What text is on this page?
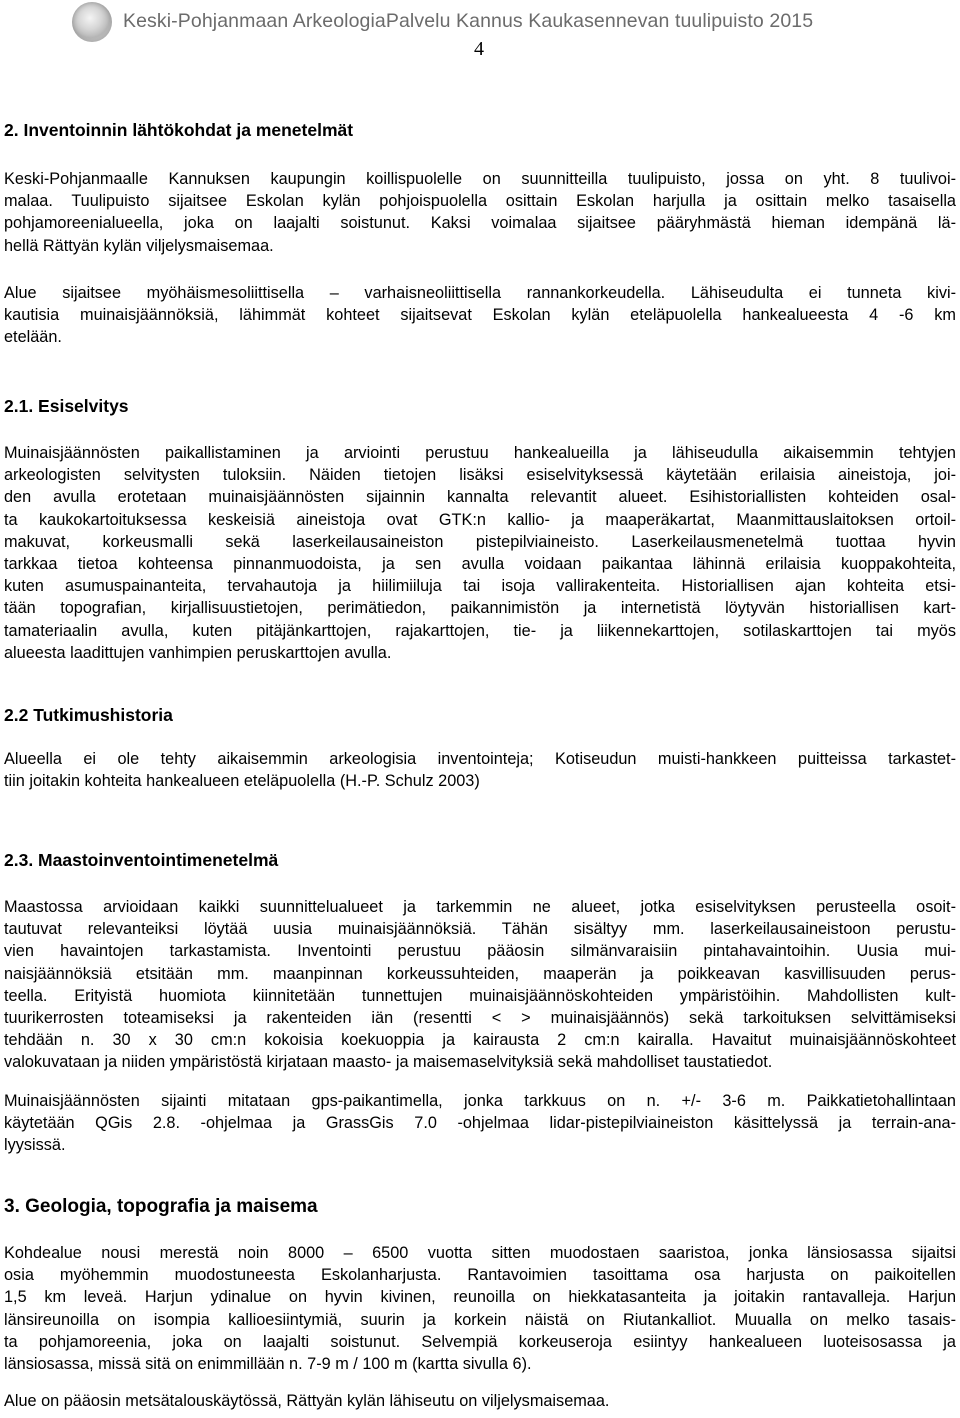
Keski-Pohjanmaan ArkeologiaPalvelu Kannus Kaukasennevan tuulipuisto 2015
4
2. Inventoinnin lähtökohdat ja menetelmät
Keski-Pohjanmaalle Kannuksen kaupungin koillispuolelle on suunnitteilla tuulipuisto, jossa on yht. 8 tuulivoi-
malaa. Tuulipuisto sijaitsee Eskolan kylän pohjoispuolella osittain Eskolan harjulla ja osittain melko tasaisella
pohjamoreenialueella, joka on laajalti soistunut. Kaksi voimalaa sijaitsee pääryhmästä hieman idempänä lä-
hellä Rättyän kylän viljelysmaisemaa.
Alue sijaitsee myöhäismesoliittisella – varhaisneoliittisella rannankorkeudella. Lähiseudulta ei tunneta kivi-
kautisia muinaisjäännöksiä, lähimmät kohteet sijaitsevat Eskolan kylän eteläpuolella hankealueesta 4 -6 km
etelään.
2.1. Esiselvitys
Muinaisjäännösten paikallistaminen ja arviointi perustuu hankealueilla ja lähiseudulla aikaisemmin tehtyjen
arkeologisten selvitysten tuloksiin. Näiden tietojen lisäksi esiselvityksessä käytetään erilaisia aineistoja, joi-
den avulla erotetaan muinaisjäännösten sijainnin kannalta relevantit alueet. Esihistoriallisten kohteiden osal-
ta kaukokartoituksessa keskeisiä aineistoja ovat GTK:n kallio- ja maaperäkartat, Maanmittauslaitoksen ortoil-
makuvat, korkeusmalli sekä laserkeilausaineiston pistepilviaineisto. Laserkeilausmenetelmä tuottaa hyvin
tarkkaa tietoa kohteensa pinnanmuodoista, ja sen avulla voidaan paikantaa lähinnä erilaisia kuoppakohteita,
kuten asumuspainanteita, tervahautoja ja hiilimiiluja tai isoja vallirakenteita. Historiallisen ajan kohteita etsi-
tään topografian, kirjallisuustietojen, perimätiedon, paikannimistön ja internetistä löytyvän historiallisen kart-
tamateriaalin avulla, kuten pitäjänkarttojen, rajakarttojen, tie- ja liikennekarttojen, sotilaskarttojen tai myös
alueesta laadittujen vanhimpien peruskarttojen avulla.
2.2 Tutkimushistoria
Alueella ei ole tehty aikaisemmin arkeologisia inventointeja; Kotiseudun muisti-hankkeen puitteissa tarkastet-
tiin joitakin kohteita hankealueen eteläpuolella (H.-P. Schulz 2003)
2.3. Maastoinventointimenetelmä
Maastossa arvioidaan kaikki suunnittelualueet ja tarkemmin ne alueet, jotka esiselvityksen perusteella osoit-
tautuvat relevanteiksi löytää uusia muinaisjäännöksiä. Tähän sisältyy mm. laserkeilausaineistoon perustu-
vien havaintojen tarkastamista. Inventointi perustuu pääosin silmänvaraisiin pintahavaintoihin. Uusia mui-
naisjäännöksiä etsitään mm. maanpinnan korkeussuhteiden, maaperän ja poikkeavan kasvillisuuden perus-
teella. Erityistä huomiota kiinnitetään tunnettujen muinaisjäännöskohteiden ympäristöihin. Mahdollisten kult-
tuurikerrosten toteamiseksi ja rakenteiden iän (resentti < > muinaisjäännös) sekä tarkoituksen selvittämiseksi
tehdään n. 30 x 30 cm:n kokoisia koekuoppia ja kairausta 2 cm:n kairalla. Havaitut muinaisjäännöskohteet
valokuvataan ja niiden ympäristöstä kirjataan maasto- ja maisemaselvityksiä sekä mahdolliset taustatiedot.
Muinaisjäännösten sijainti mitataan gps-paikantimella, jonka tarkkuus on n. +/- 3-6 m. Paikkatietohallintaan
käytetään QGis 2.8. -ohjelmaa ja GrassGis 7.0 -ohjelmaa lidar-pistepilviaineiston käsittelyssä ja terrain-ana-
lyysissä.
3. Geologia, topografia ja maisema
Kohdealue nousi merestä noin 8000 – 6500 vuotta sitten muodostaen saaristoa, jonka länsiosassa sijaitsi
osia myöhemmin muodostuneesta Eskolanharjusta. Rantavoimien tasoittama osa harjusta on paikoitellen
1,5 km leveä. Harjun ydinalue on hyvin kivinen, reunoilla on hiekkatasanteita ja joitakin rantavalleja. Harjun
länsireunoilla on isompia kallioesiintymiä, suurin ja korkein näistä on Riutankalliot. Muualla on melko tasais-
ta pohjamoreenia, joka on laajalti soistunut. Selvempiä korkeuseroja esiintyy hankealueen luoteisosassa ja
länsiosassa, missä sitä on enimmillään n. 7-9 m / 100 m (kartta sivulla 6).
Alue on pääosin metsätalouskäytössä, Rättyän kylän lähiseutu on viljelysmaisemaa.
